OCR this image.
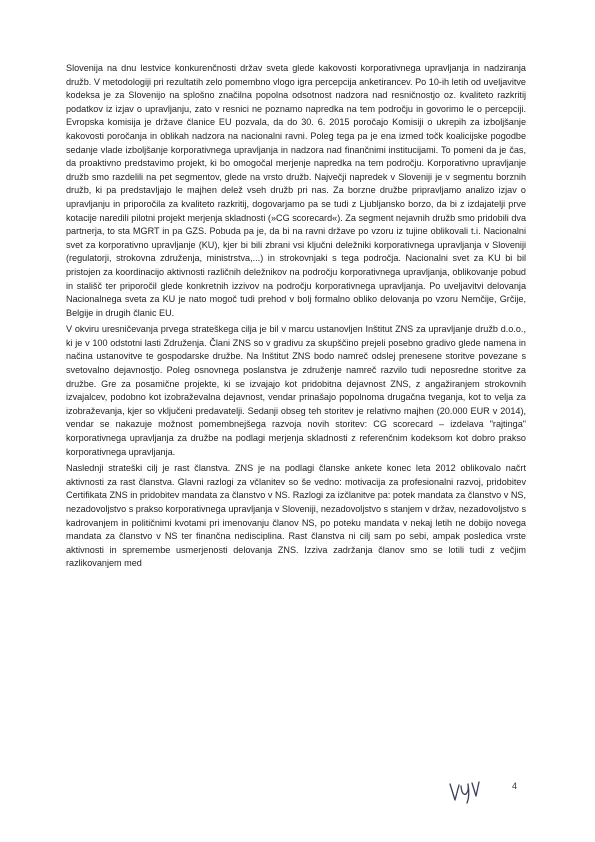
Slovenija na dnu lestvice konkurenčnosti držav sveta glede kakovosti korporativnega upravljanja in nadziranja družb. V metodologiji pri rezultatih zelo pomembno vlogo igra percepcija anketirancev. Po 10-ih letih od uveljavitve kodeksa je za Slovenijo na splošno značilna popolna odsotnost nadzora nad resničnostjo oz. kvaliteto razkritij podatkov iz izjav o upravljanju, zato v resnici ne poznamo napredka na tem področju in govorimo le o percepciji. Evropska komisija je države članice EU pozvala, da do 30. 6. 2015 poročajo Komisiji o ukrepih za izboljšanje kakovosti poročanja in oblikah nadzora na nacionalni ravni. Poleg tega pa je ena izmed točk koalicijske pogodbe sedanje vlade izboljšanje korporativnega upravljanja in nadzora nad finančnimi institucijami. To pomeni da je čas, da proaktivno predstavimo projekt, ki bo omogočal merjenje napredka na tem področju. Korporativno upravljanje družb smo razdelili na pet segmentov, glede na vrsto družb. Največji napredek v Sloveniji je v segmentu borznih družb, ki pa predstavljajo le majhen delež vseh družb pri nas. Za borzne družbe pripravljamo analizo izjav o upravljanju in priporočila za kvaliteto razkritij, dogovarjamo pa se tudi z Ljubljansko borzo, da bi z izdajatelji prve kotacije naredili pilotni projekt merjenja skladnosti (»CG scorecard«). Za segment nejavnih družb smo pridobili dva partnerja, to sta MGRT in pa GZS. Pobuda pa je, da bi na ravni države po vzoru iz tujine oblikovali t.i. Nacionalni svet za korporativno upravljanje (KU), kjer bi bili zbrani vsi ključni deležniki korporativnega upravljanja v Sloveniji (regulatorji, strokovna združenja, ministrstva,...) in strokovnjaki s tega področja. Nacionalni svet za KU bi bil pristojen za koordinacijo aktivnosti različnih deležnikov na področju korporativnega upravljanja, oblikovanje pobud in stališč ter priporočil glede konkretnih izzivov na področju korporativnega upravljanja. Po uveljavitvi delovanja Nacionalnega sveta za KU je nato mogoč tudi prehod v bolj formalno obliko delovanja po vzoru Nemčije, Grčije, Belgije in drugih članic EU.

V okviru uresničevanja prvega strateškega cilja je bil v marcu ustanovljen Inštitut ZNS za upravljanje družb d.o.o., ki je v 100 odstotni lasti Združenja. Člani ZNS so v gradivu za skupščino prejeli posebno gradivo glede namena in načina ustanovitve te gospodarske družbe. Na Inštitut ZNS bodo namreč odslej prenesene storitve povezane s svetovalno dejavnostjo. Poleg osnovnega poslanstva je združenje namreč razvilo tudi neposredne storitve za družbe. Gre za posamične projekte, ki se izvajajo kot pridobitna dejavnost ZNS, z angažiranjem strokovnih izvajalcev, podobno kot izobraževalna dejavnost, vendar prinašajo popolnoma drugačna tveganja, kot to velja za izobraževanja, kjer so vključeni predavatelji. Sedanji obseg teh storitev je relativno majhen (20.000 EUR v 2014), vendar se nakazuje možnost pomembnejšega razvoja novih storitev: CG scorecard – izdelava "rajtinga" korporativnega upravljanja za družbe na podlagi merjenja skladnosti z referenčnim kodeksom kot dobro prakso korporativnega upravljanja.

Naslednji strateški cilj je rast članstva. ZNS je na podlagi članske ankete konec leta 2012 oblikovalo načrt aktivnosti za rast članstva. Glavni razlogi za včlanitev so še vedno: motivacija za profesionalni razvoj, pridobitev Certifikata ZNS in pridobitev mandata za članstvo v NS. Razlogi za izčlanitve pa: potek mandata za članstvo v NS, nezadovoljstvo s prakso korporativnega upravljanja v Sloveniji, nezadovoljstvo s stanjem v držav, nezadovoljstvo s kadrovanjem in političnimi kvotami pri imenovanju članov NS, po poteku mandata v nekaj letih ne dobijo novega mandata za članstvo v NS ter finančna nedisciplina. Rast članstva ni cilj sam po sebi, ampak posledica vrste aktivnosti in spremembe usmerjenosti delovanja ZNS. Izziva zadržanja članov smo se lotili tudi z večjim razlikovanjem med

4
